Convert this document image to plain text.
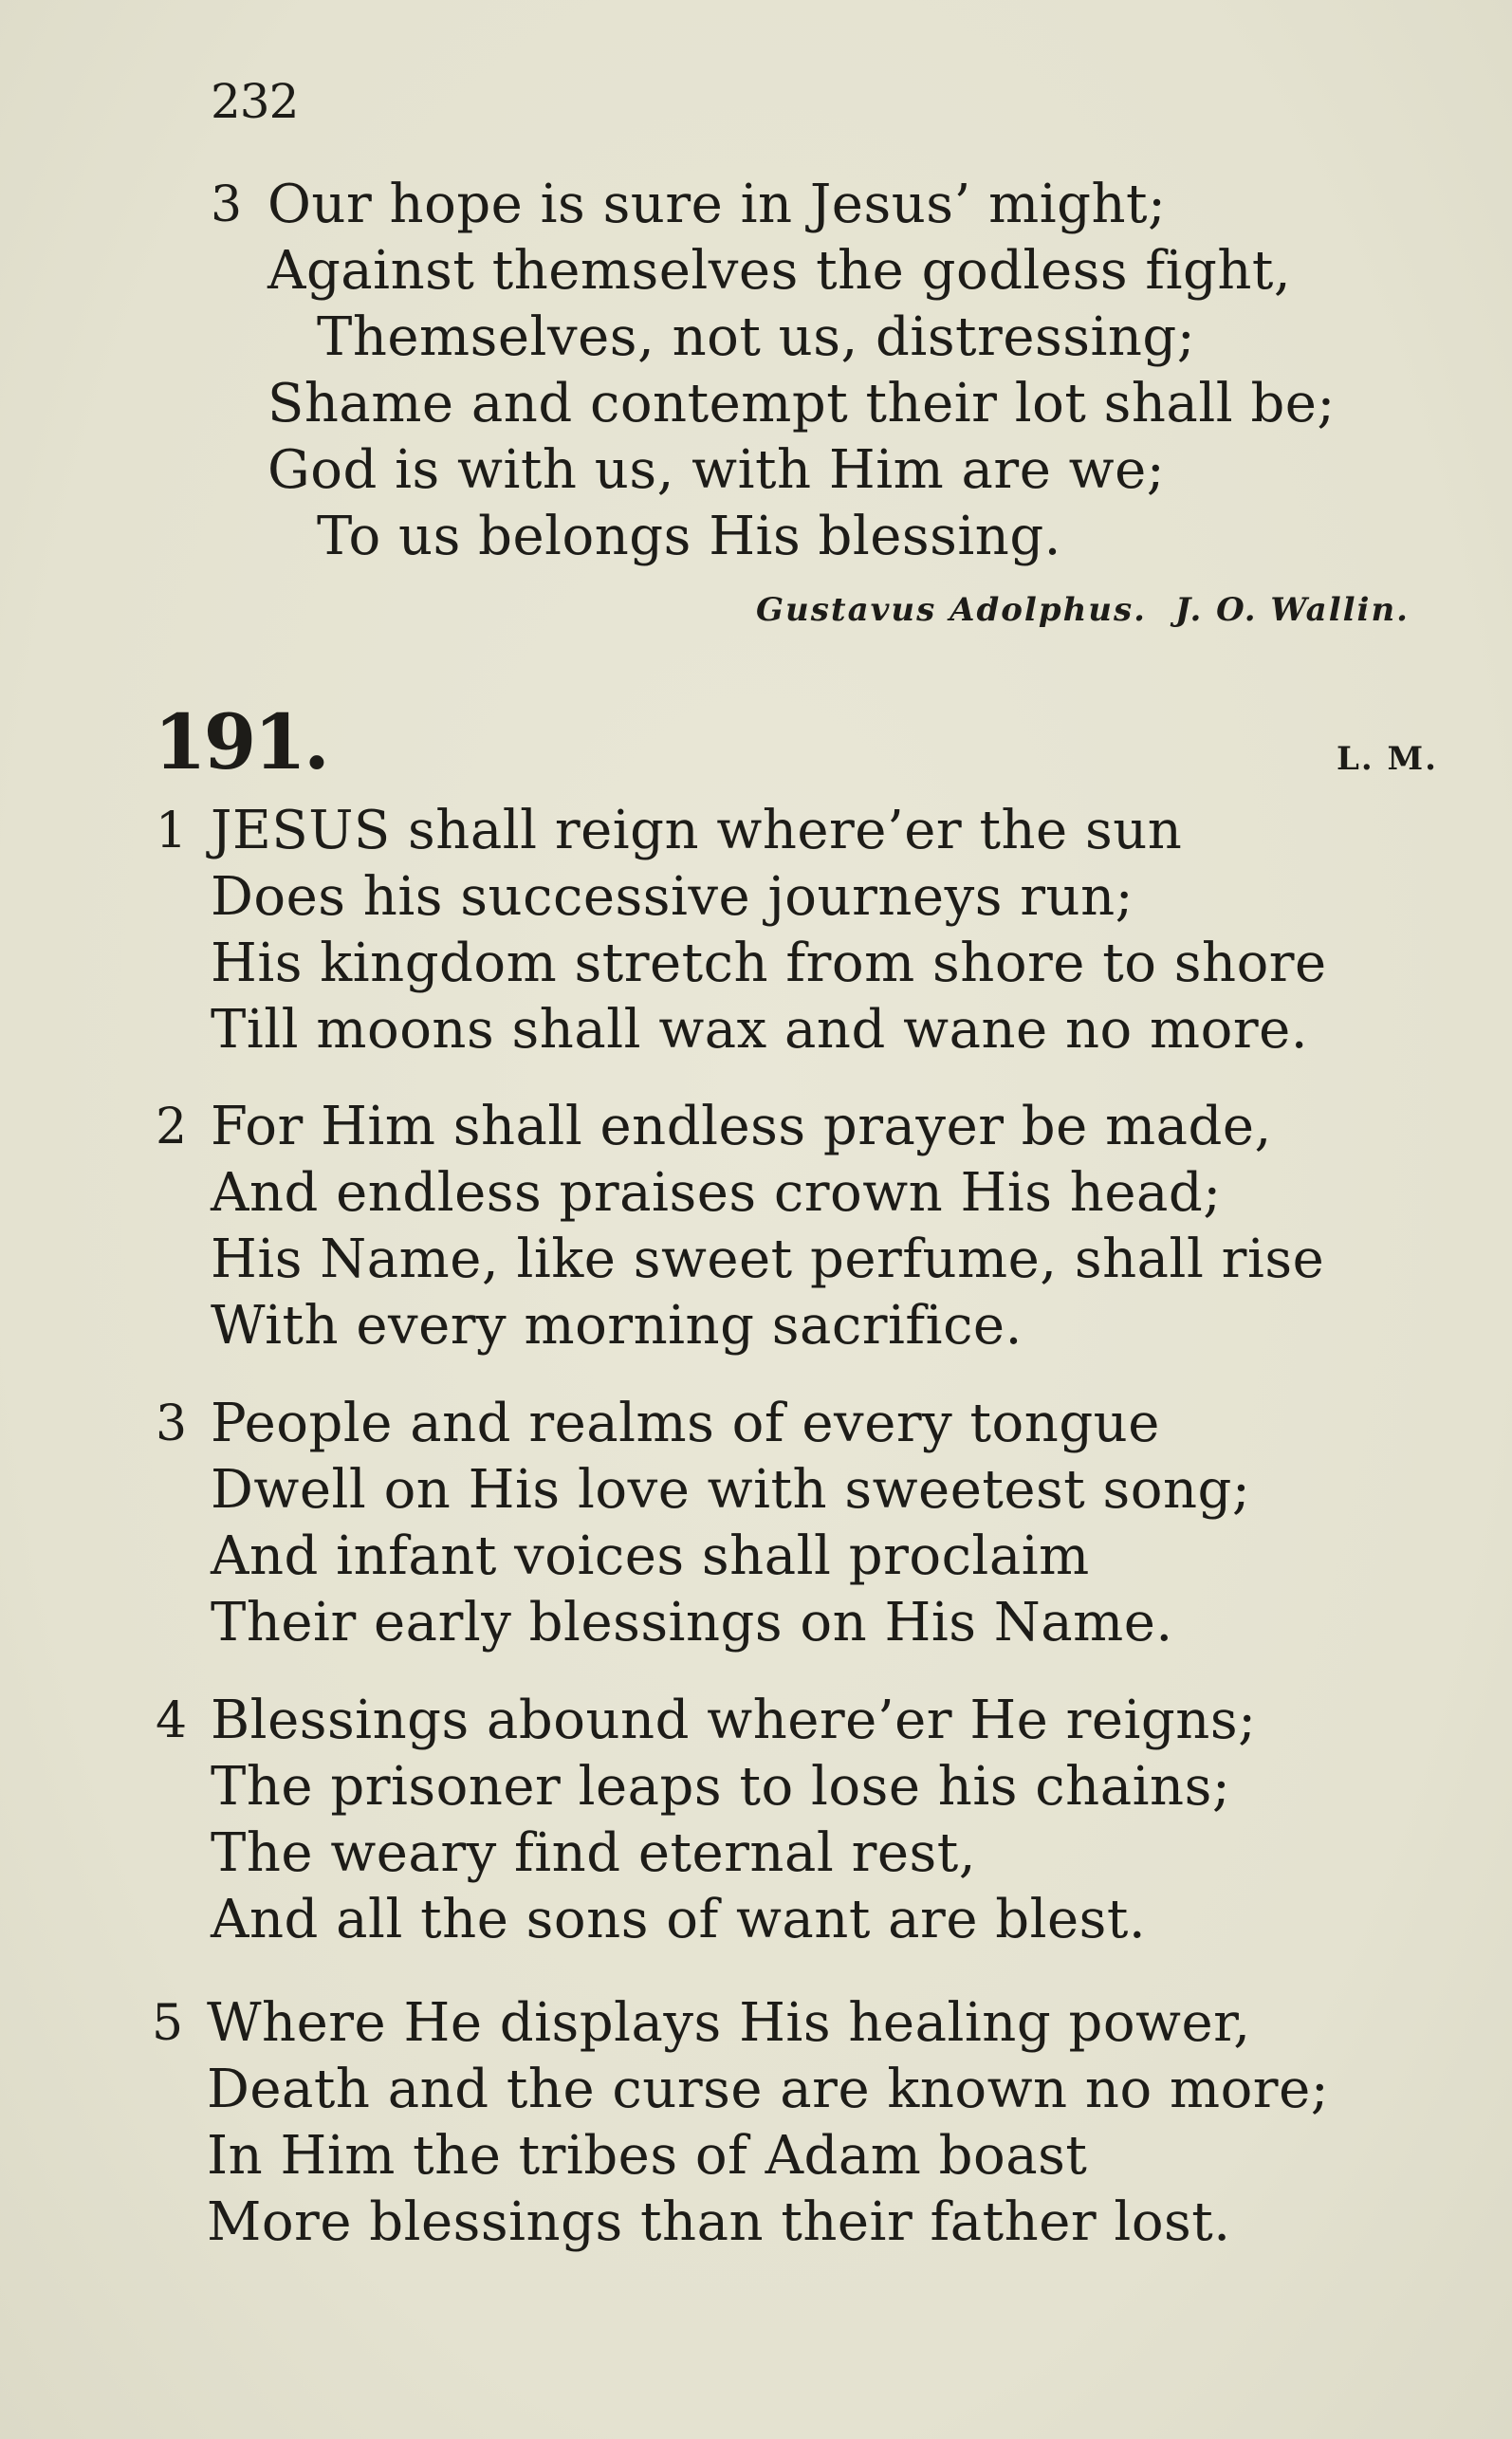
232
3 Our hope is sure in Jesus’ might;
Against themselves the godless fight,
Themselves, not us, distressing;
Shame and contempt their lot shall be;
God is with us, with Him are we;
To us belongs His blessing.
Gustavus Adolphus. J. O. Wallin.
191.	L. M.
1 JESUS shall reign where’er the sun
Does his successive journeys run;
His kingdom stretch from shore to shore
Till moons shall wax and wane no more.
2 For Him shall endless prayer be made,
And endless praises crown His head;
His Name, like sweet perfume, shall rise
With every morning sacrifice.
3 People and realms of every tongue
Dwell on His love with sweetest song;
And infant voices shall proclaim
Their early blessings on His Name.
4 Blessings abound where’er He reigns;
The prisoner leaps to lose his chains;
The weary find eternal rest,
And all the sons of want are blest.
5 Where He displays His healing power,
Death and the curse are known no more;
In Him the tribes of Adam boast
More blessings than their father lost.
